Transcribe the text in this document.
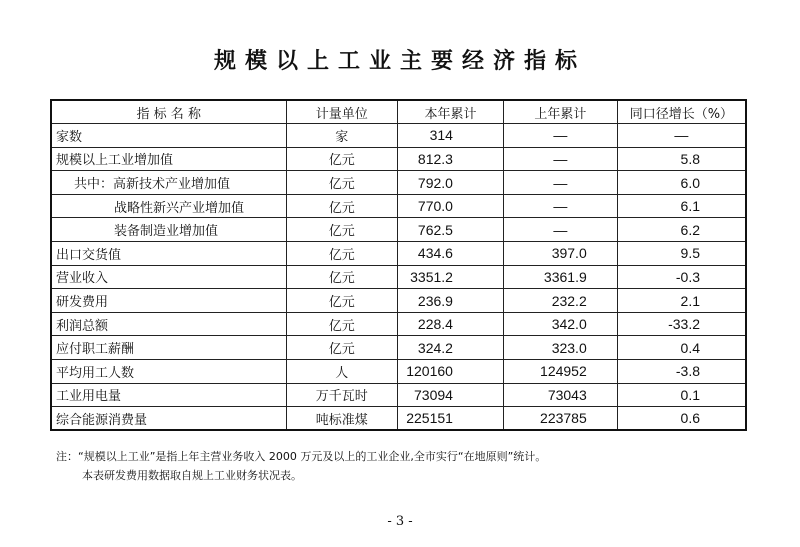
规模以上工业主要经济指标
指 标 名 称	计量单位	本年累计	上年累计	同口径增长（%）
家数	家	314	—	—
规模以上工业增加值	亿元	812.3	—	5.8
共中：高新技术产业增加值	亿元	792.0	—	6.0
战略性新兴产业增加值	亿元	770.0	—	6.1
装备制造业增加值	亿元	762.5	—	6.2
出口交货值	亿元	434.6	397.0	9.5
营业收入	亿元	3351.2	3361.9	-0.3
研发费用	亿元	236.9	232.2	2.1
利润总额	亿元	228.4	342.0	-33.2
应付职工薪酬	亿元	324.2	323.0	0.4
平均用工人数	人	120160	124952	-3.8
工业用电量	万千瓦时	73094	73043	0.1
综合能源消费量	吨标准煤	225151	223785	0.6
注：“规模以上工业”是指上年主营业务收入 2000 万元及以上的工业企业,全市实行“在地原则”统计。
本表研发费用数据取自规上工业财务状况表。
- 3 -
